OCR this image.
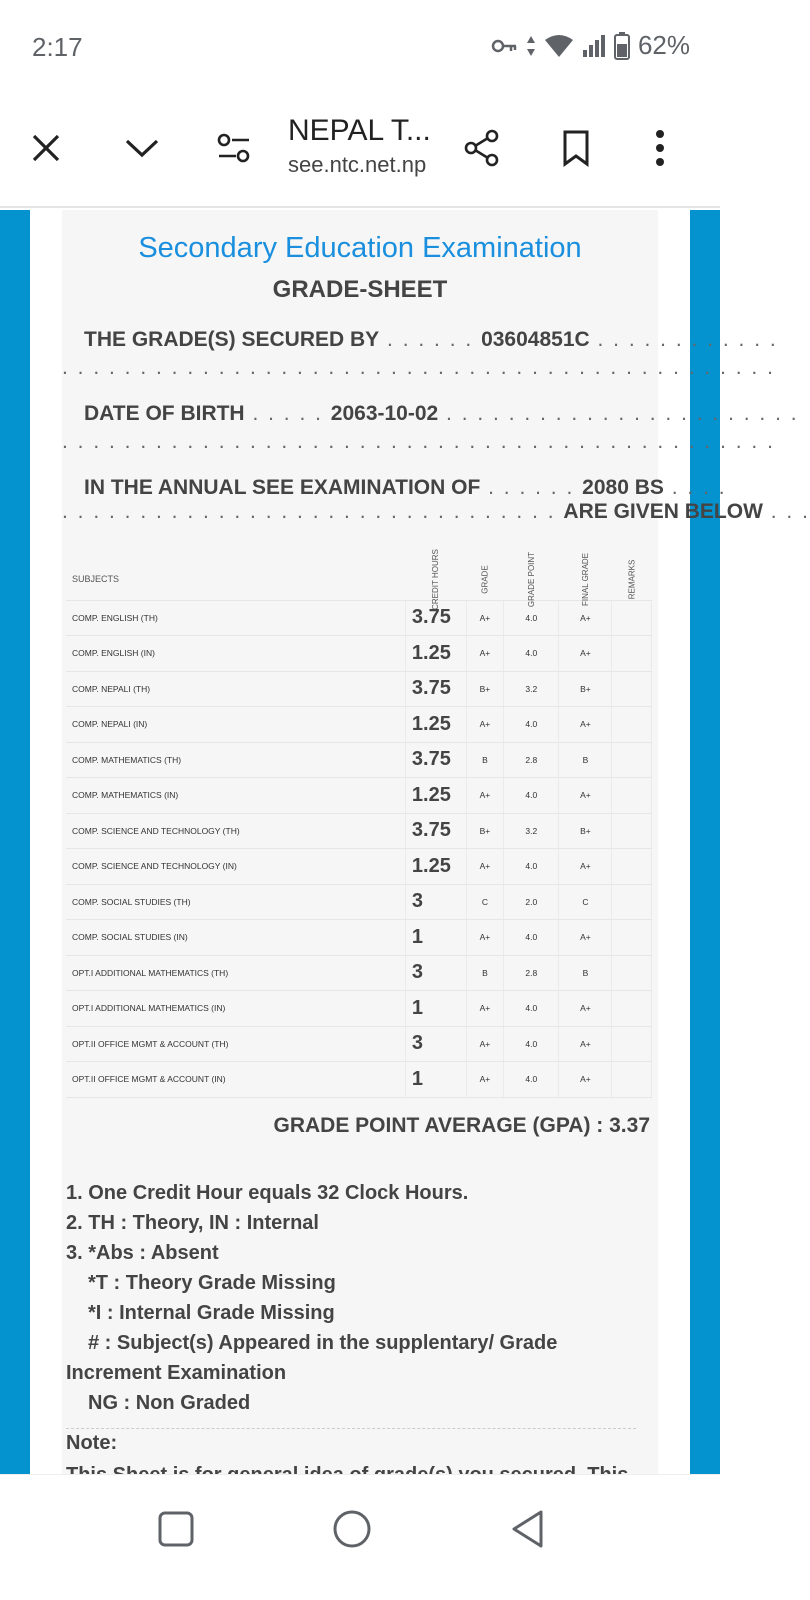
2:17	62%
NEPAL T...
see.ntc.net.np
Secondary Education Examination
GRADE-SHEET
THE GRADE(S) SECURED BY . . . . . . 03604851C . . . . . . . . . . . .
. . . . . . . . . . . . . . . . . . . . . . . . . . . . . . . . . . . . . . . . . . . . . .
DATE OF BIRTH . . . . . 2063-10-02 . . . . . . . . . . . . . . . . . . . . . . .
. . . . . . . . . . . . . . . . . . . . . . . . . . . . . . . . . . . . . . . . . . . . . .
IN THE ANNUAL SEE EXAMINATION OF . . . . . . 2080 BS . . . .
. . . . . . . . . . . . . . . . . . . . . . . . . . . . . . . . ARE GIVEN BELOW . . .
SUBJECTS	CREDIT HOURS	GRADE	GRADE POINT	FINAL GRADE	REMARKS
COMP. ENGLISH (TH)	3.75	A+	4.0	A+	
COMP. ENGLISH (IN)	1.25	A+	4.0	A+	
COMP. NEPALI (TH)	3.75	B+	3.2	B+	
COMP. NEPALI (IN)	1.25	A+	4.0	A+	
COMP. MATHEMATICS (TH)	3.75	B	2.8	B	
COMP. MATHEMATICS (IN)	1.25	A+	4.0	A+	
COMP. SCIENCE AND TECHNOLOGY (TH)	3.75	B+	3.2	B+	
COMP. SCIENCE AND TECHNOLOGY (IN)	1.25	A+	4.0	A+	
COMP. SOCIAL STUDIES (TH)	3	C	2.0	C	
COMP. SOCIAL STUDIES (IN)	1	A+	4.0	A+	
OPT.I ADDITIONAL MATHEMATICS (TH)	3	B	2.8	B	
OPT.I ADDITIONAL MATHEMATICS (IN)	1	A+	4.0	A+	
OPT.II OFFICE MGMT & ACCOUNT (TH)	3	A+	4.0	A+	
OPT.II OFFICE MGMT & ACCOUNT (IN)	1	A+	4.0	A+	
GRADE POINT AVERAGE (GPA) : 3.37
1. One Credit Hour equals 32 Clock Hours.
2. TH : Theory, IN : Internal
3. *Abs : Absent
*T : Theory Grade Missing
*I : Internal Grade Missing
# : Subject(s) Appeared in the supplentary/ Grade
Increment Examination
NG : Non Graded
Note:
